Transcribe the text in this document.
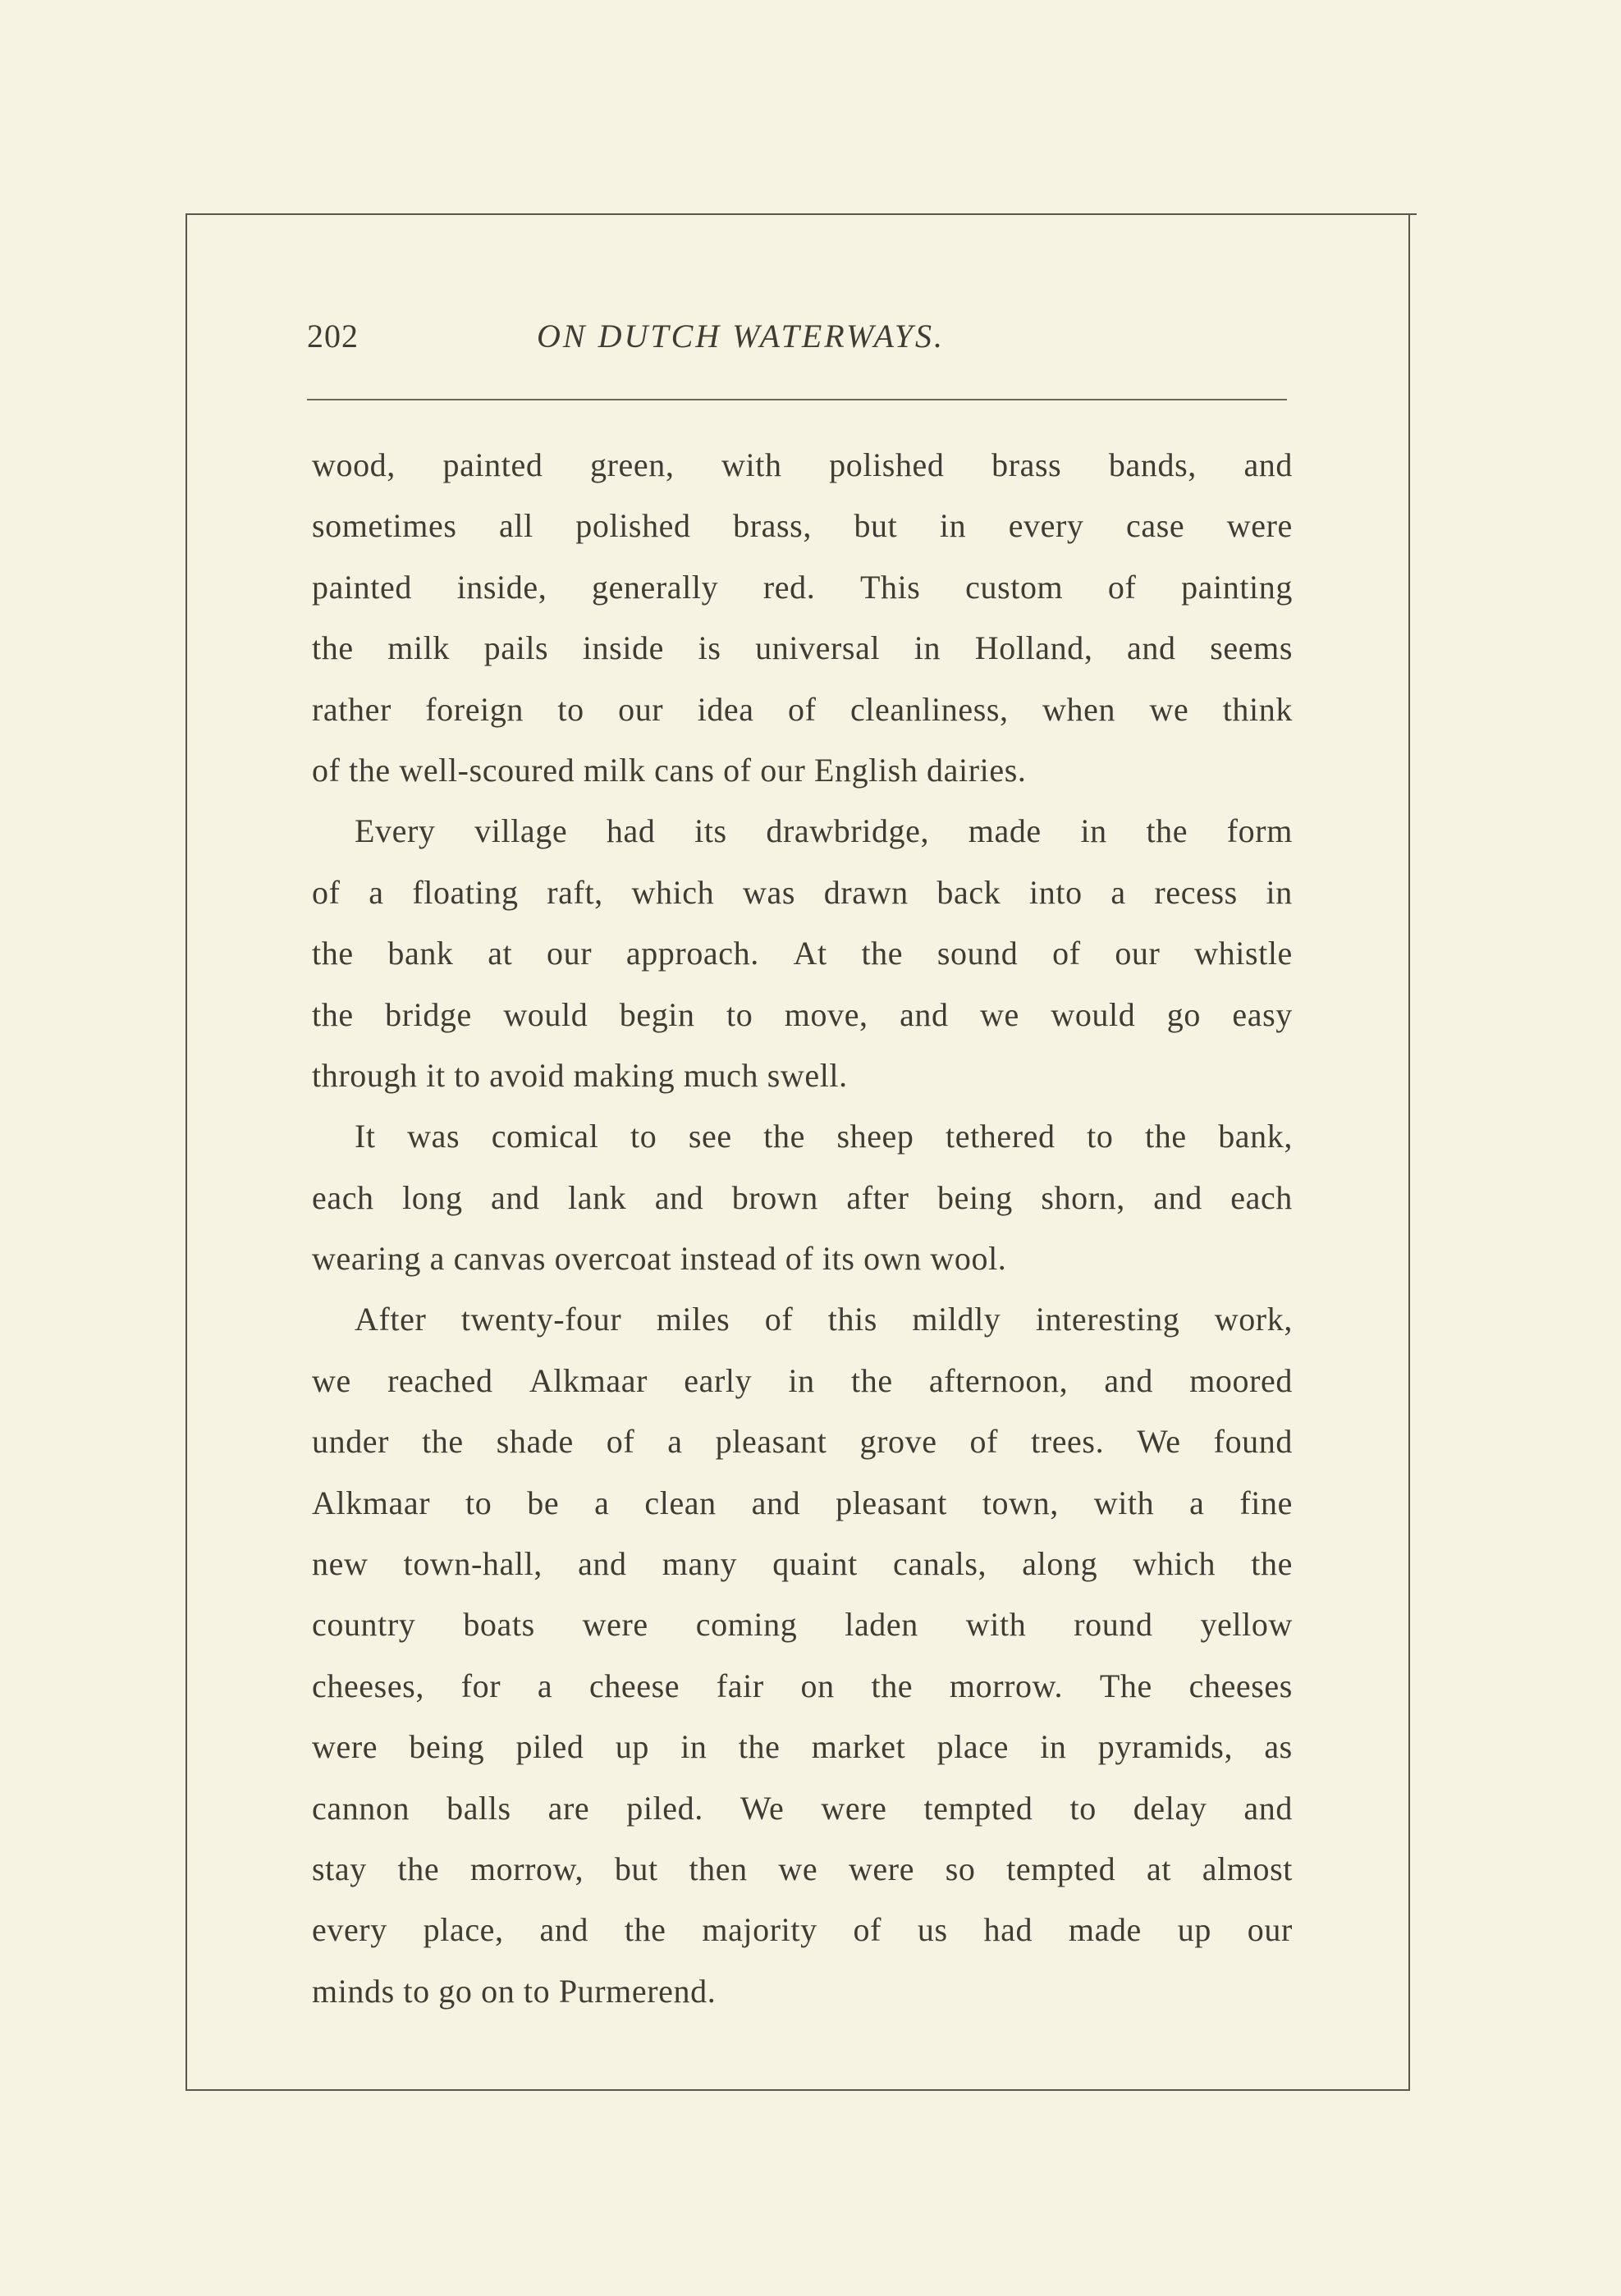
202	ON DUTCH WATERWAYS.
wood, painted green, with polished brass bands, and
sometimes all polished brass, but in every case were
painted inside, generally red. This custom of painting
the milk pails inside is universal in Holland, and seems
rather foreign to our idea of cleanliness, when we think
of the well-scoured milk cans of our English dairies.
Every village had its drawbridge, made in the form
of a floating raft, which was drawn back into a recess in
the bank at our approach. At the sound of our whistle
the bridge would begin to move, and we would go easy
through it to avoid making much swell.
It was comical to see the sheep tethered to the bank,
each long and lank and brown after being shorn, and each
wearing a canvas overcoat instead of its own wool.
After twenty-four miles of this mildly interesting work,
we reached Alkmaar early in the afternoon, and moored
under the shade of a pleasant grove of trees. We found
Alkmaar to be a clean and pleasant town, with a fine
new town-hall, and many quaint canals, along which the
country boats were coming laden with round yellow
cheeses, for a cheese fair on the morrow. The cheeses
were being piled up in the market place in pyramids, as
cannon balls are piled. We were tempted to delay and
stay the morrow, but then we were so tempted at almost
every place, and the majority of us had made up our
minds to go on to Purmerend.
